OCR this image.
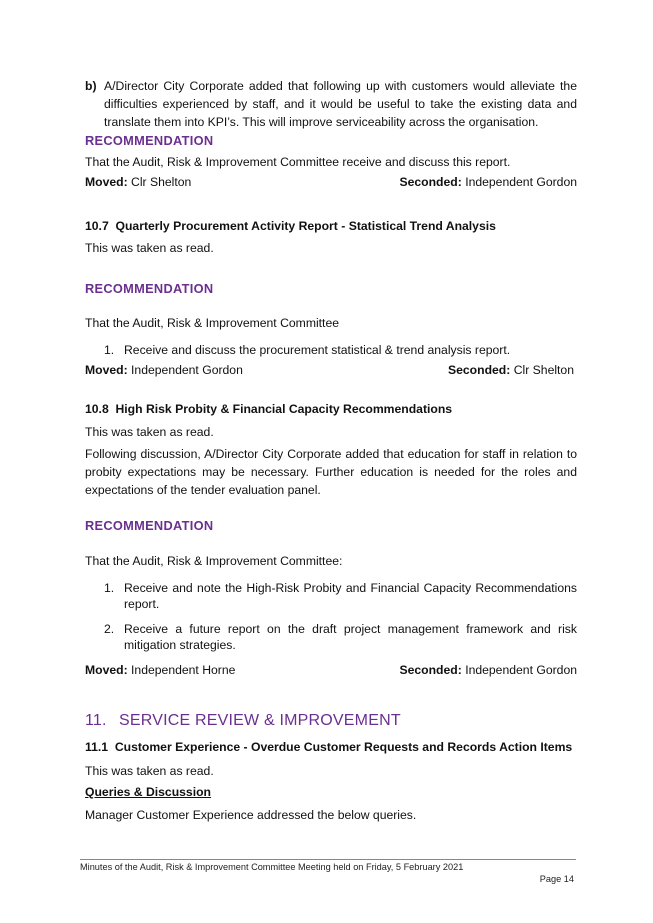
b) A/Director City Corporate added that following up with customers would alleviate the difficulties experienced by staff, and it would be useful to take the existing data and translate them into KPI’s. This will improve serviceability across the organisation.
RECOMMENDATION
That the Audit, Risk & Improvement Committee receive and discuss this report.
Moved: Clr Shelton	Seconded: Independent Gordon
10.7  Quarterly Procurement Activity Report - Statistical Trend Analysis
This was taken as read.
RECOMMENDATION
That the Audit, Risk & Improvement Committee
1. Receive and discuss the procurement statistical & trend analysis report.
Moved: Independent Gordon	Seconded: Clr Shelton
10.8  High Risk Probity & Financial Capacity Recommendations
This was taken as read.
Following discussion, A/Director City Corporate added that education for staff in relation to probity expectations may be necessary. Further education is needed for the roles and expectations of the tender evaluation panel.
RECOMMENDATION
That the Audit, Risk & Improvement Committee:
1. Receive and note the High-Risk Probity and Financial Capacity Recommendations report.
2. Receive a future report on the draft project management framework and risk mitigation strategies.
Moved: Independent Horne	Seconded: Independent Gordon
11. SERVICE REVIEW & IMPROVEMENT
11.1  Customer Experience - Overdue Customer Requests and Records Action Items
This was taken as read.
Queries & Discussion
Manager Customer Experience addressed the below queries.
Minutes of the Audit, Risk & Improvement Committee Meeting held on Friday, 5 February 2021
Page 14
